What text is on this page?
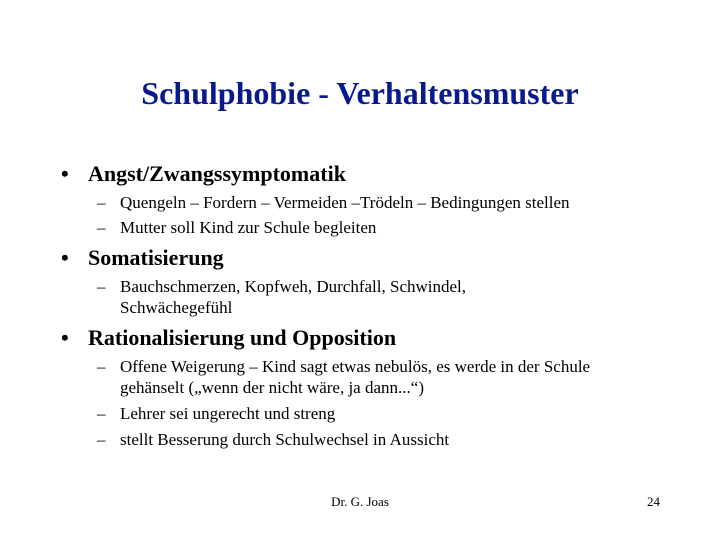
Schulphobie - Verhaltensmuster
• Angst/Zwangssymptomatik
– Quengeln – Fordern – Vermeiden –Trödeln – Bedingungen stellen
– Mutter soll Kind zur Schule begleiten
• Somatisierung
– Bauchschmerzen, Kopfweh, Durchfall, Schwindel, Schwächegefühl
• Rationalisierung und Opposition
– Offene Weigerung – Kind sagt etwas nebulös, es werde in der Schule gehänselt („wenn der nicht wäre, ja dann...“)
– Lehrer sei ungerecht und streng
– stellt Besserung durch Schulwechsel in Aussicht
Dr. G. Joas	24
